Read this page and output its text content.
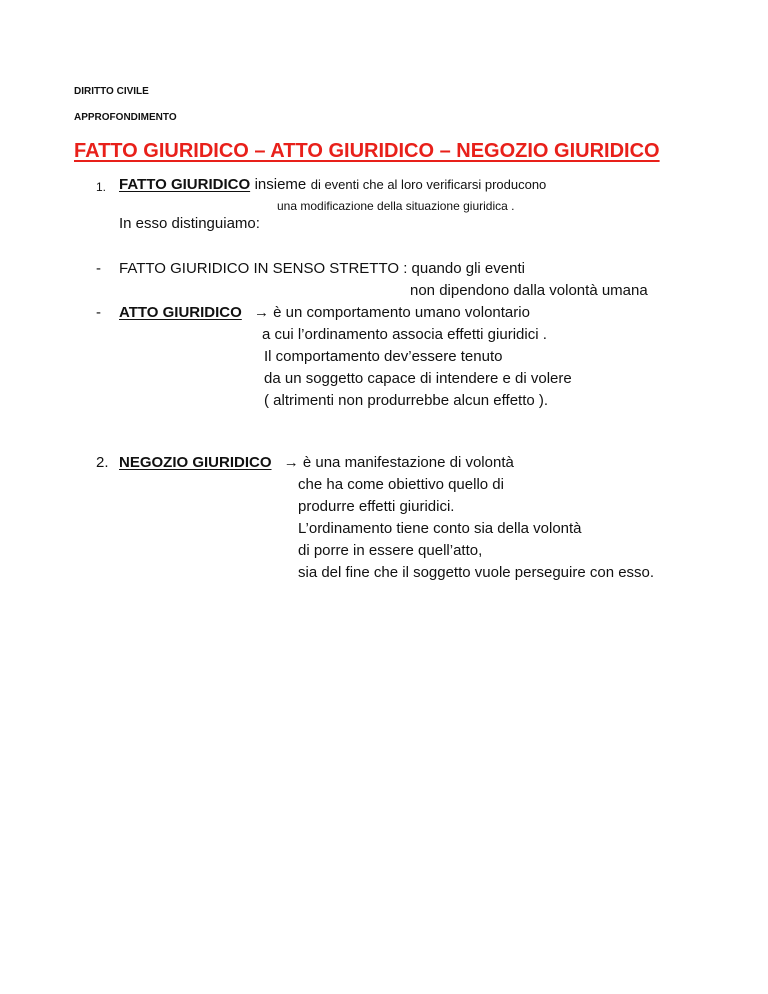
DIRITTO CIVILE
APPROFONDIMENTO
FATTO GIURIDICO – ATTO GIURIDICO – NEGOZIO GIURIDICO
1. FATTO GIURIDICO insieme di eventi che al loro verificarsi producono
una modificazione della situazione giuridica .
In esso distinguiamo:
- FATTO GIURIDICO IN SENSO STRETTO : quando gli eventi
non dipendono dalla volontà umana
- ATTO GIURIDICO → è un comportamento umano volontario
a cui l’ordinamento associa effetti giuridici .
Il comportamento dev’essere tenuto
da un soggetto capace di intendere e di volere
( altrimenti non produrrebbe alcun effetto ).
2. NEGOZIO GIURIDICO → è una manifestazione di volontà
che ha come obiettivo quello di
produrre effetti giuridici.
L’ordinamento tiene conto sia della volontà
di porre in essere quell’atto,
sia del fine che il soggetto vuole perseguire con esso.
